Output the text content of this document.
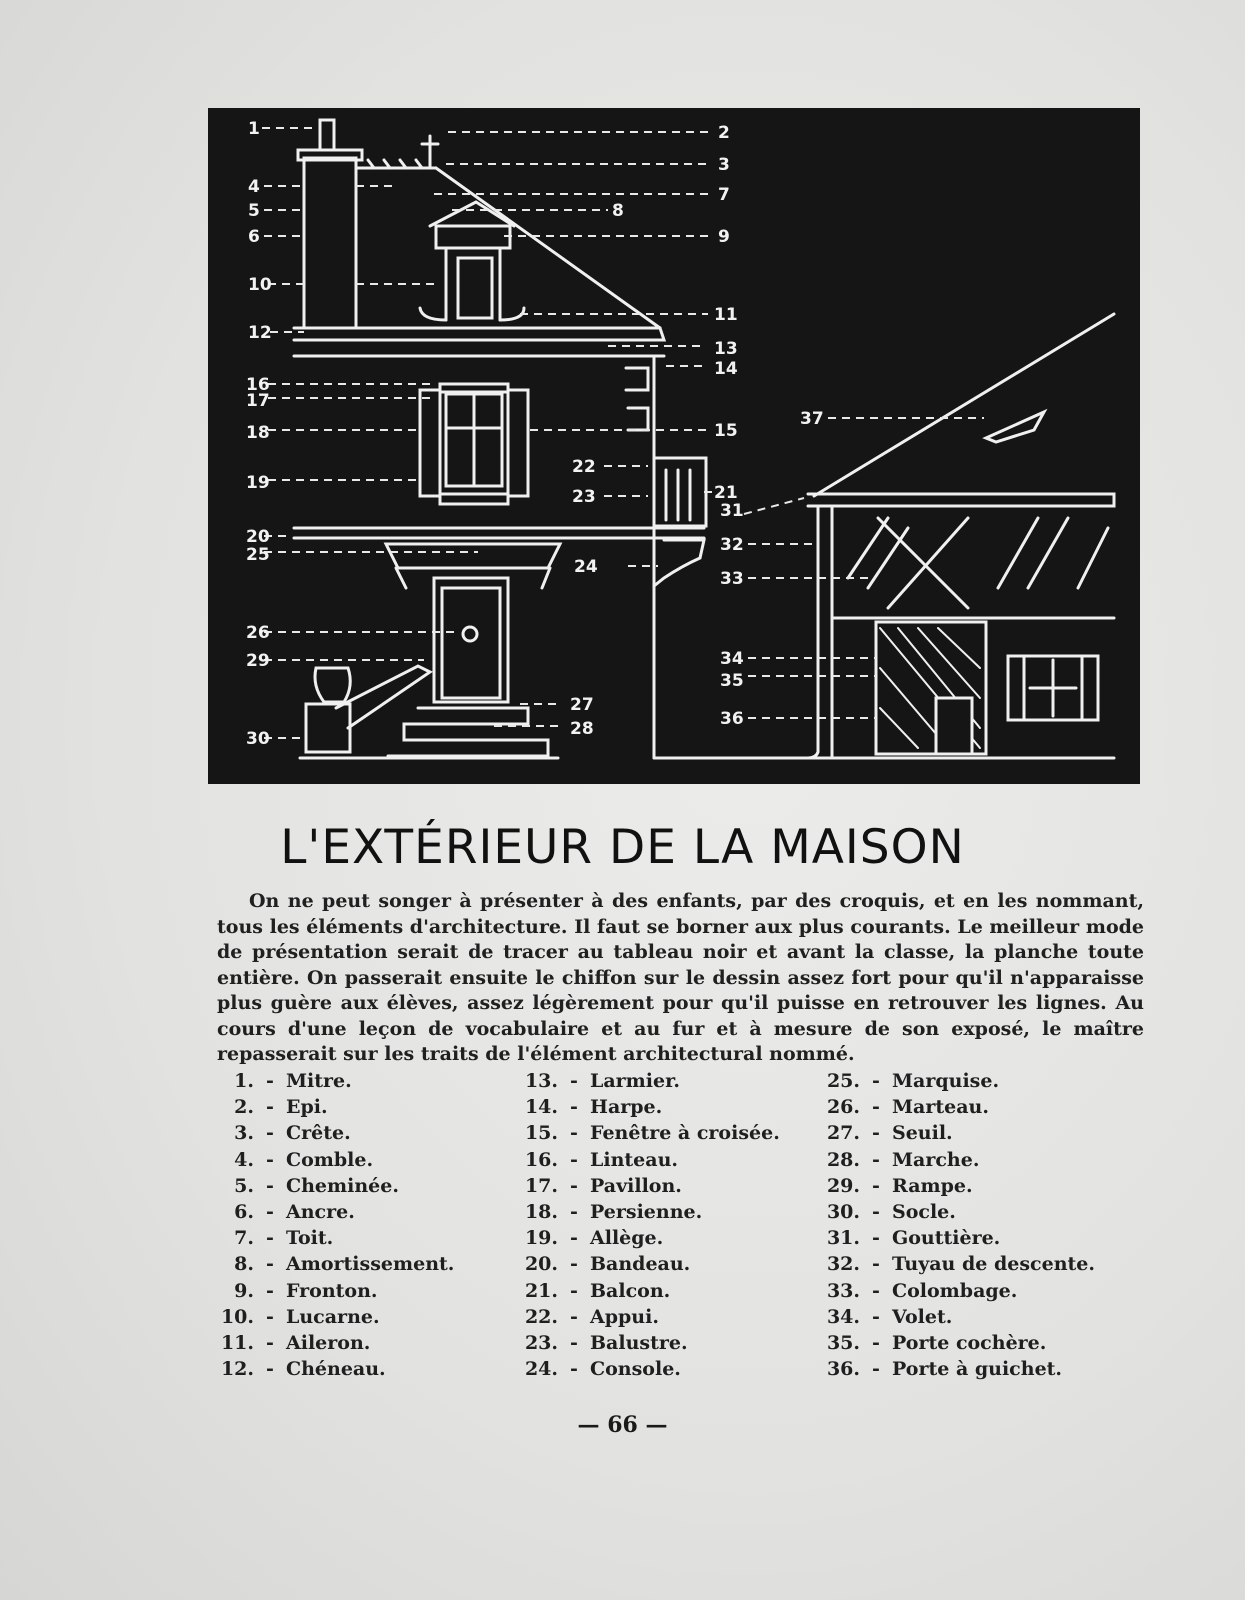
1	2
3
4
5
6
7
8
9
10
11
12
13
14
15
16
17
18
19
20
21
22
23
24
25
26
27
28
29
30
31
32
33
34
35
36
37
L'EXTÉRIEUR DE LA MAISON

On ne peut songer à présenter à des enfants, par des croquis, et en les nommant, tous les éléments d'architecture. Il faut se borner aux plus courants. Le meilleur mode de présentation serait de tracer au tableau noir et avant la classe, la planche toute entière. On passerait ensuite le chiffon sur le dessin assez fort pour qu'il n'apparaisse plus guère aux élèves, assez légèrement pour qu'il puisse en retrouver les lignes. Au cours d'une leçon de vocabulaire et au fur et à mesure de son exposé, le maître repasserait sur les traits de l'élément architectural nommé.

1. - Mitre.
2. - Epi.
3. - Crête.
4. - Comble.
5. - Cheminée.
6. - Ancre.
7. - Toit.
8. - Amortissement.
9. - Fronton.
10. - Lucarne.
11. - Aileron.
12. - Chéneau.
13. - Larmier.
14. - Harpe.
15. - Fenêtre à croisée.
16. - Linteau.
17. - Pavillon.
18. - Persienne.
19. - Allège.
20. - Bandeau.
21. - Balcon.
22. - Appui.
23. - Balustre.
24. - Console.
25. - Marquise.
26. - Marteau.
27. - Seuil.
28. - Marche.
29. - Rampe.
30. - Socle.
31. - Gouttière.
32. - Tuyau de descente.
33. - Colombage.
34. - Volet.
35. - Porte cochère.
36. - Porte à guichet.
— 66 —
